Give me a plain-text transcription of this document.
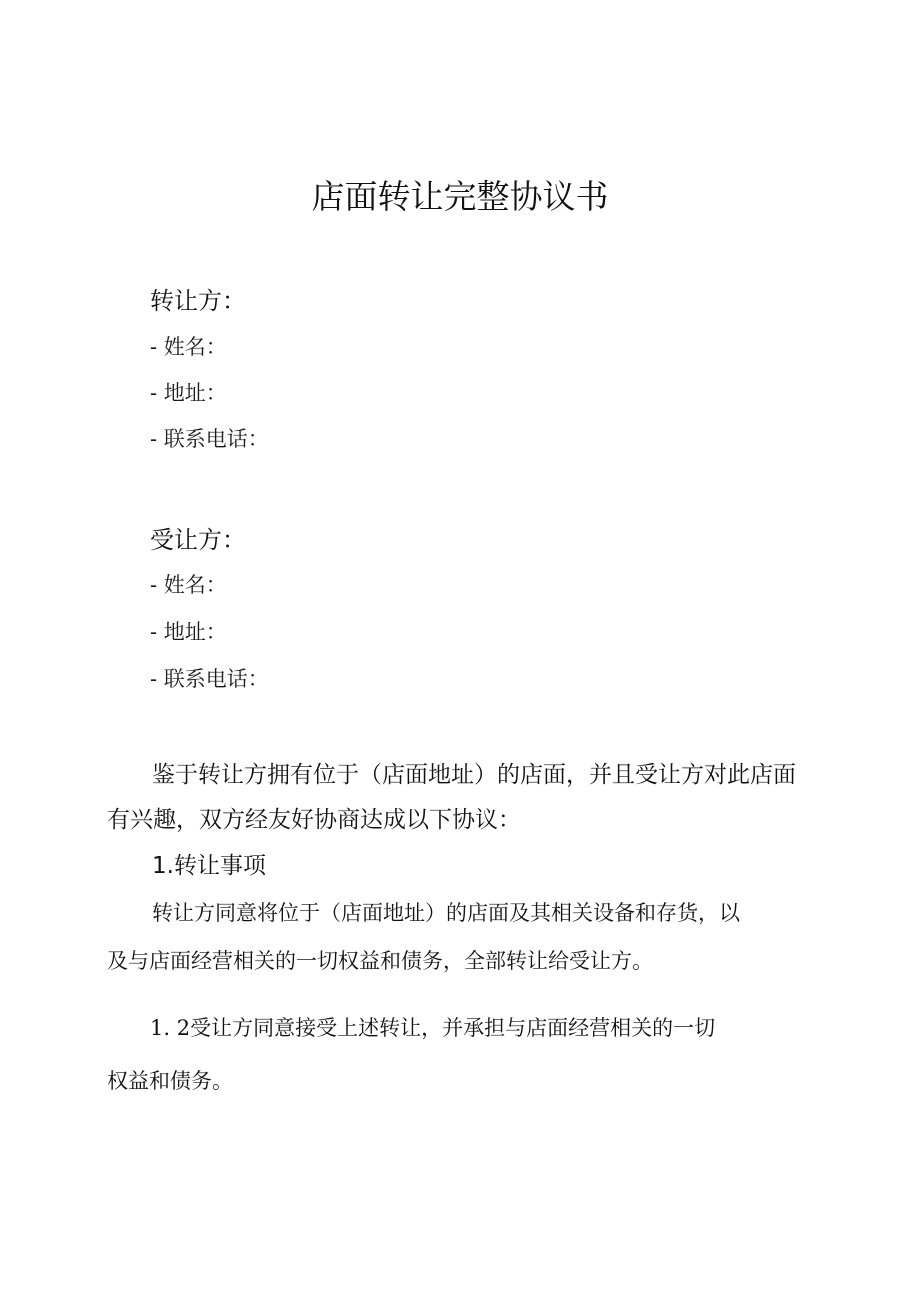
店面转让完整协议书
转让方：
- 姓名：
- 地址：
- 联系电话：
受让方：
- 姓名：
- 地址：
- 联系电话：
鉴于转让方拥有位于（店面地址）的店面，并且受让方对此店面
有兴趣，双方经友好协商达成以下协议：
1.转让事项
转让方同意将位于（店面地址）的店面及其相关设备和存货，以
及与店面经营相关的一切权益和债务，全部转让给受让方。
1. 2受让方同意接受上述转让，并承担与店面经营相关的一切
权益和债务。
